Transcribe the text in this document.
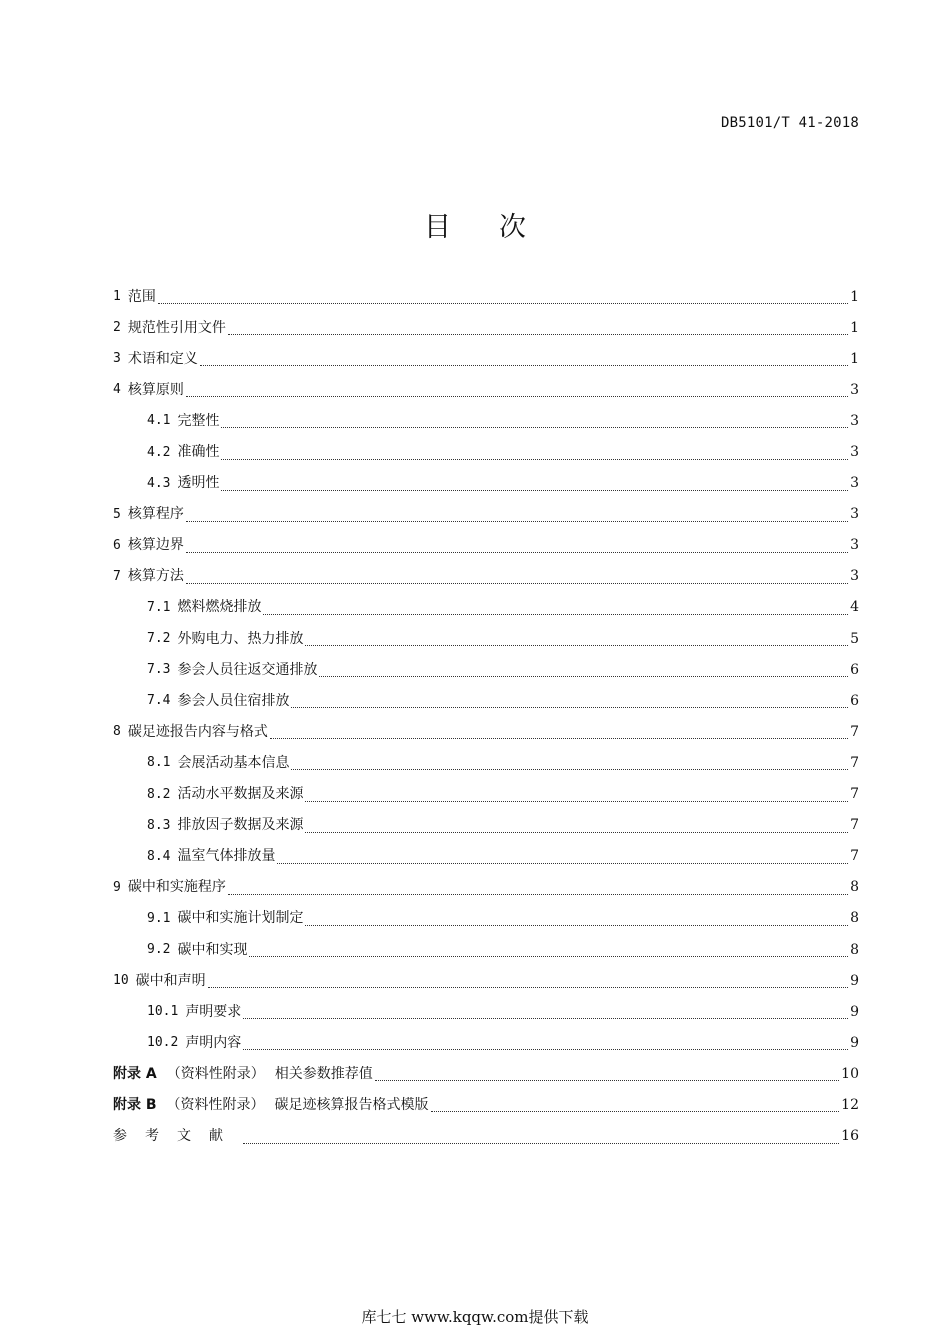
DB5101/T 41-2018
目 次
1 范围	1
2 规范性引用文件	1
3 术语和定义	1
4 核算原则	3
4.1 完整性	3
4.2 准确性	3
4.3 透明性	3
5 核算程序	3
6 核算边界	3
7 核算方法	3
7.1 燃料燃烧排放	4
7.2 外购电力、热力排放	5
7.3 参会人员往返交通排放	6
7.4 参会人员住宿排放	6
8 碳足迹报告内容与格式	7
8.1 会展活动基本信息	7
8.2 活动水平数据及来源	7
8.3 排放因子数据及来源	7
8.4 温室气体排放量	7
9 碳中和实施程序	8
9.1 碳中和实施计划制定	8
9.2 碳中和实现	8
10 碳中和声明	9
10.1 声明要求	9
10.2 声明内容	9
附录 A （资料性附录） 相关参数推荐值	10
附录 B （资料性附录） 碳足迹核算报告格式模版	12
参考文献	16
库七七 www.kqqw.com提供下载
